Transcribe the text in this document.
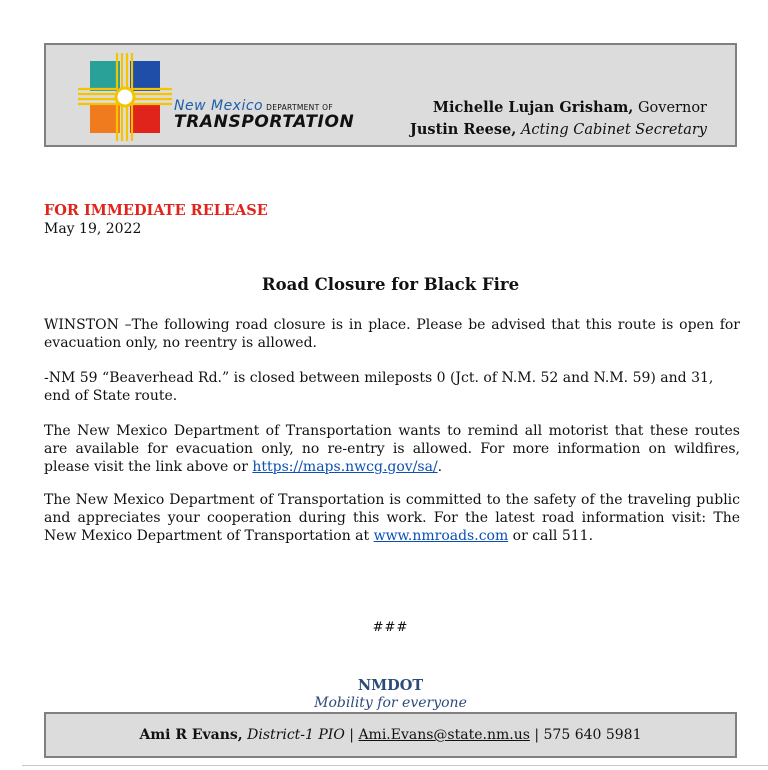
New Mexico DEPARTMENT OF
TRANSPORTATION
Michelle Lujan Grisham, Governor
Justin Reese, Acting Cabinet Secretary
FOR IMMEDIATE RELEASE
May 19, 2022
Road Closure for Black Fire

WINSTON –The following road closure is in place. Please be advised that this route is open for evacuation only, no reentry is allowed.

-NM 59 “Beaverhead Rd.” is closed between mileposts 0 (Jct. of N.M. 52 and N.M. 59) and 31, end of State route.

The New Mexico Department of Transportation wants to remind all motorist that these routes are available for evacuation only, no re-entry is allowed. For more information on wildfires, please visit the link above or https://maps.nwcg.gov/sa/.

The New Mexico Department of Transportation is committed to the safety of the traveling public and appreciates your cooperation during this work. For the latest road information visit: The New Mexico Department of Transportation at www.nmroads.com or call 511.

###
NMDOT
Mobility for everyone
Ami R Evans, District-1 PIO | Ami.Evans@state.nm.us | 575 640 5981
